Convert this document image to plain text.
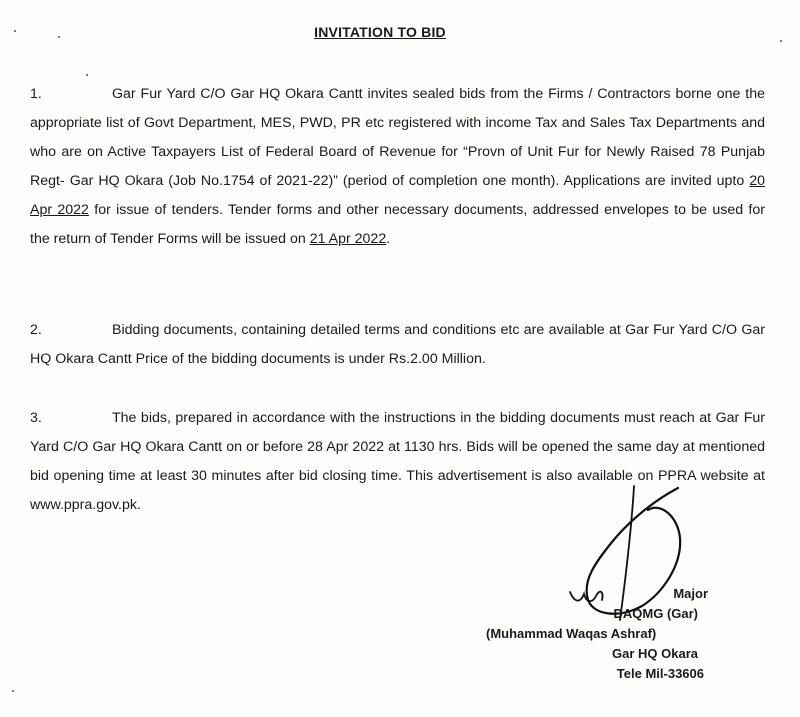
INVITATION TO BID
1.	Gar Fur Yard C/O Gar HQ Okara Cantt invites sealed bids from the Firms / Contractors borne one the appropriate list of Govt Department, MES, PWD, PR etc registered with income Tax and Sales Tax Departments and who are on Active Taxpayers List of Federal Board of Revenue for “Provn of Unit Fur for Newly Raised 78 Punjab Regt- Gar HQ Okara (Job No.1754 of 2021-22)” (period of completion one month). Applications are invited upto 20 Apr 2022 for issue of tenders. Tender forms and other necessary documents, addressed envelopes to be used for the return of Tender Forms will be issued on 21 Apr 2022.
2.	Bidding documents, containing detailed terms and conditions etc are available at Gar Fur Yard C/O Gar HQ Okara Cantt Price of the bidding documents is under Rs.2.00 Million.
3.	The bids, prepared in accordance with the instructions in the bidding documents must reach at Gar Fur Yard C/O Gar HQ Okara Cantt on or before 28 Apr 2022 at 1130 hrs. Bids will be opened the same day at mentioned bid opening time at least 30 minutes after bid closing time. This advertisement is also available on PPRA website at www.ppra.gov.pk.
Major
DAQMG (Gar)
(Muhammad Waqas Ashraf)
Gar HQ Okara
Tele Mil-33606
